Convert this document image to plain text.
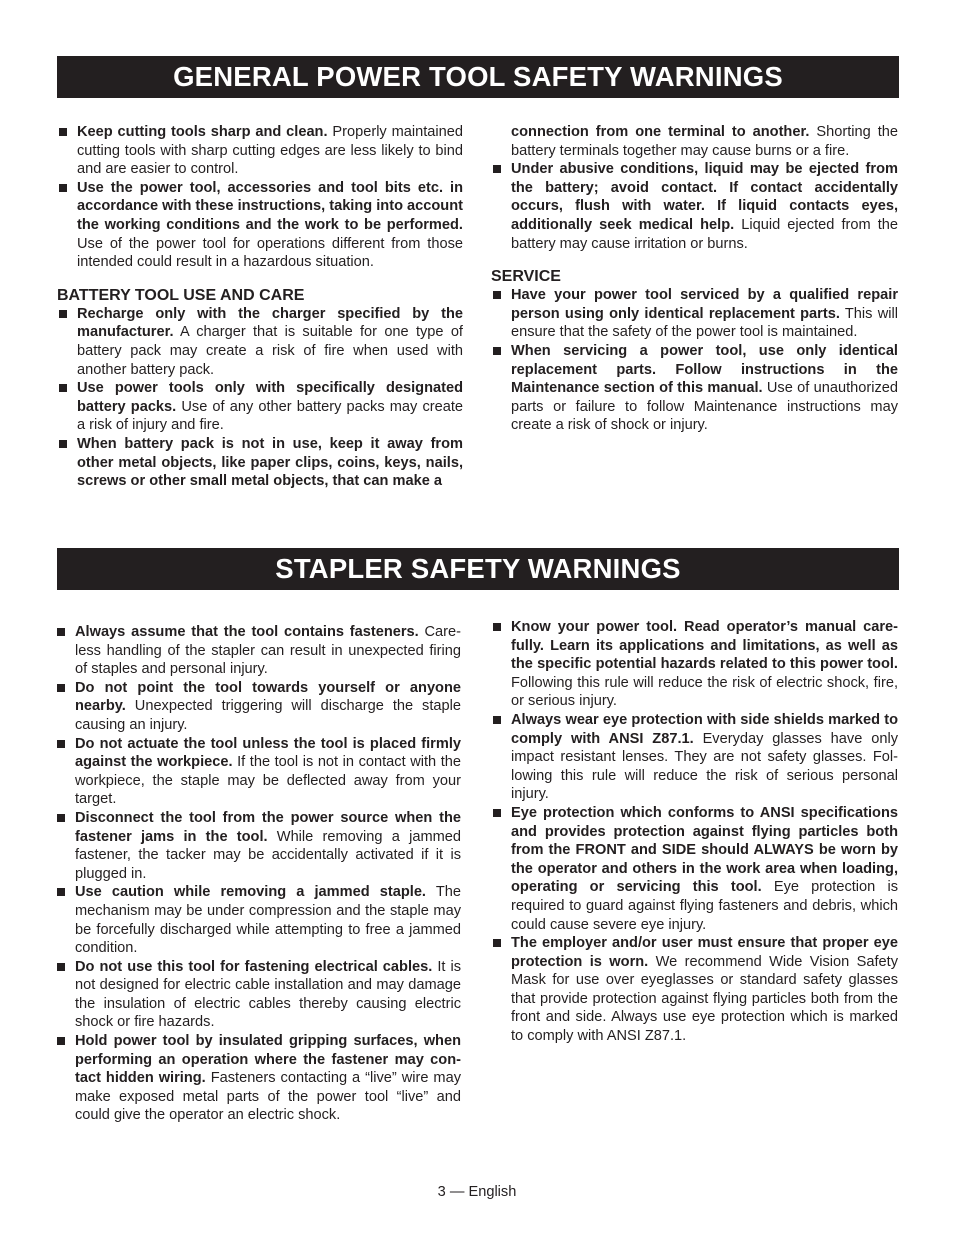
GENERAL POWER TOOL SAFETY WARNINGS

Keep cutting tools sharp and clean. Properly maintained cutting tools with sharp cutting edges are less likely to bind and are easier to control.

Use the power tool, accessories and tool bits etc. in accordance with these instructions, taking into account the working conditions and the work to be performed. Use of the power tool for operations different from those intended could result in a hazardous situation.

BATTERY TOOL USE AND CARE

Recharge only with the charger specified by the manufacturer. A charger that is suitable for one type of battery pack may create a risk of fire when used with another battery pack.

Use power tools only with specifically designated battery packs. Use of any other battery packs may create a risk of injury and fire.

When battery pack is not in use, keep it away from other metal objects, like paper clips, coins, keys, nails, screws or other small metal objects, that can make a

connection from one terminal to another. Shorting the battery terminals together may cause burns or a fire.

Under abusive conditions, liquid may be ejected from the battery; avoid contact. If contact accidentally occurs, flush with water. If liquid contacts eyes, additionally seek medical help. Liquid ejected from the battery may cause irritation or burns.

SERVICE

Have your power tool serviced by a qualified repair person using only identical replacement parts. This will ensure that the safety of the power tool is maintained.

When servicing a power tool, use only identical replacement parts. Follow instructions in the Maintenance section of this manual. Use of unauthorized parts or failure to follow Maintenance instructions may create a risk of shock or injury.

STAPLER SAFETY WARNINGS

Always assume that the tool contains fasteners. Care-less handling of the stapler can result in unexpected firing of staples and personal injury.

Do not point the tool towards yourself or anyone nearby. Unexpected triggering will discharge the staple causing an injury.

Do not actuate the tool unless the tool is placed firmly against the workpiece. If the tool is not in contact with the workpiece, the staple may be deflected away from your target.

Disconnect the tool from the power source when the fastener jams in the tool. While removing a jammed fastener, the tacker may be accidentally activated if it is plugged in.

Use caution while removing a jammed staple. The mechanism may be under compression and the staple may be forcefully discharged while attempting to free a jammed condition.

Do not use this tool for fastening electrical cables. It is not designed for electric cable installation and may damage the insulation of electric cables thereby causing electric shock or fire hazards.

Hold power tool by insulated gripping surfaces, when performing an operation where the fastener may con-tact hidden wiring. Fasteners contacting a “live” wire may make exposed metal parts of the power tool “live” and could give the operator an electric shock.

Know your power tool. Read operator’s manual care-fully. Learn its applications and limitations, as well as the specific potential hazards related to this power tool. Following this rule will reduce the risk of electric shock, fire, or serious injury.

Always wear eye protection with side shields marked to comply with ANSI Z87.1. Everyday glasses have only impact resistant lenses. They are not safety glasses. Fol-lowing this rule will reduce the risk of serious personal injury.

Eye protection which conforms to ANSI specifications and provides protection against flying particles both from the FRONT and SIDE should ALWAYS be worn by the operator and others in the work area when loading, operating or servicing this tool. Eye protection is required to guard against flying fasteners and debris, which could cause severe eye injury.

The employer and/or user must ensure that proper eye protection is worn. We recommend Wide Vision Safety Mask for use over eyeglasses or standard safety glasses that provide protection against flying particles both from the front and side. Always use eye protection which is marked to comply with ANSI Z87.1.

3 — English
